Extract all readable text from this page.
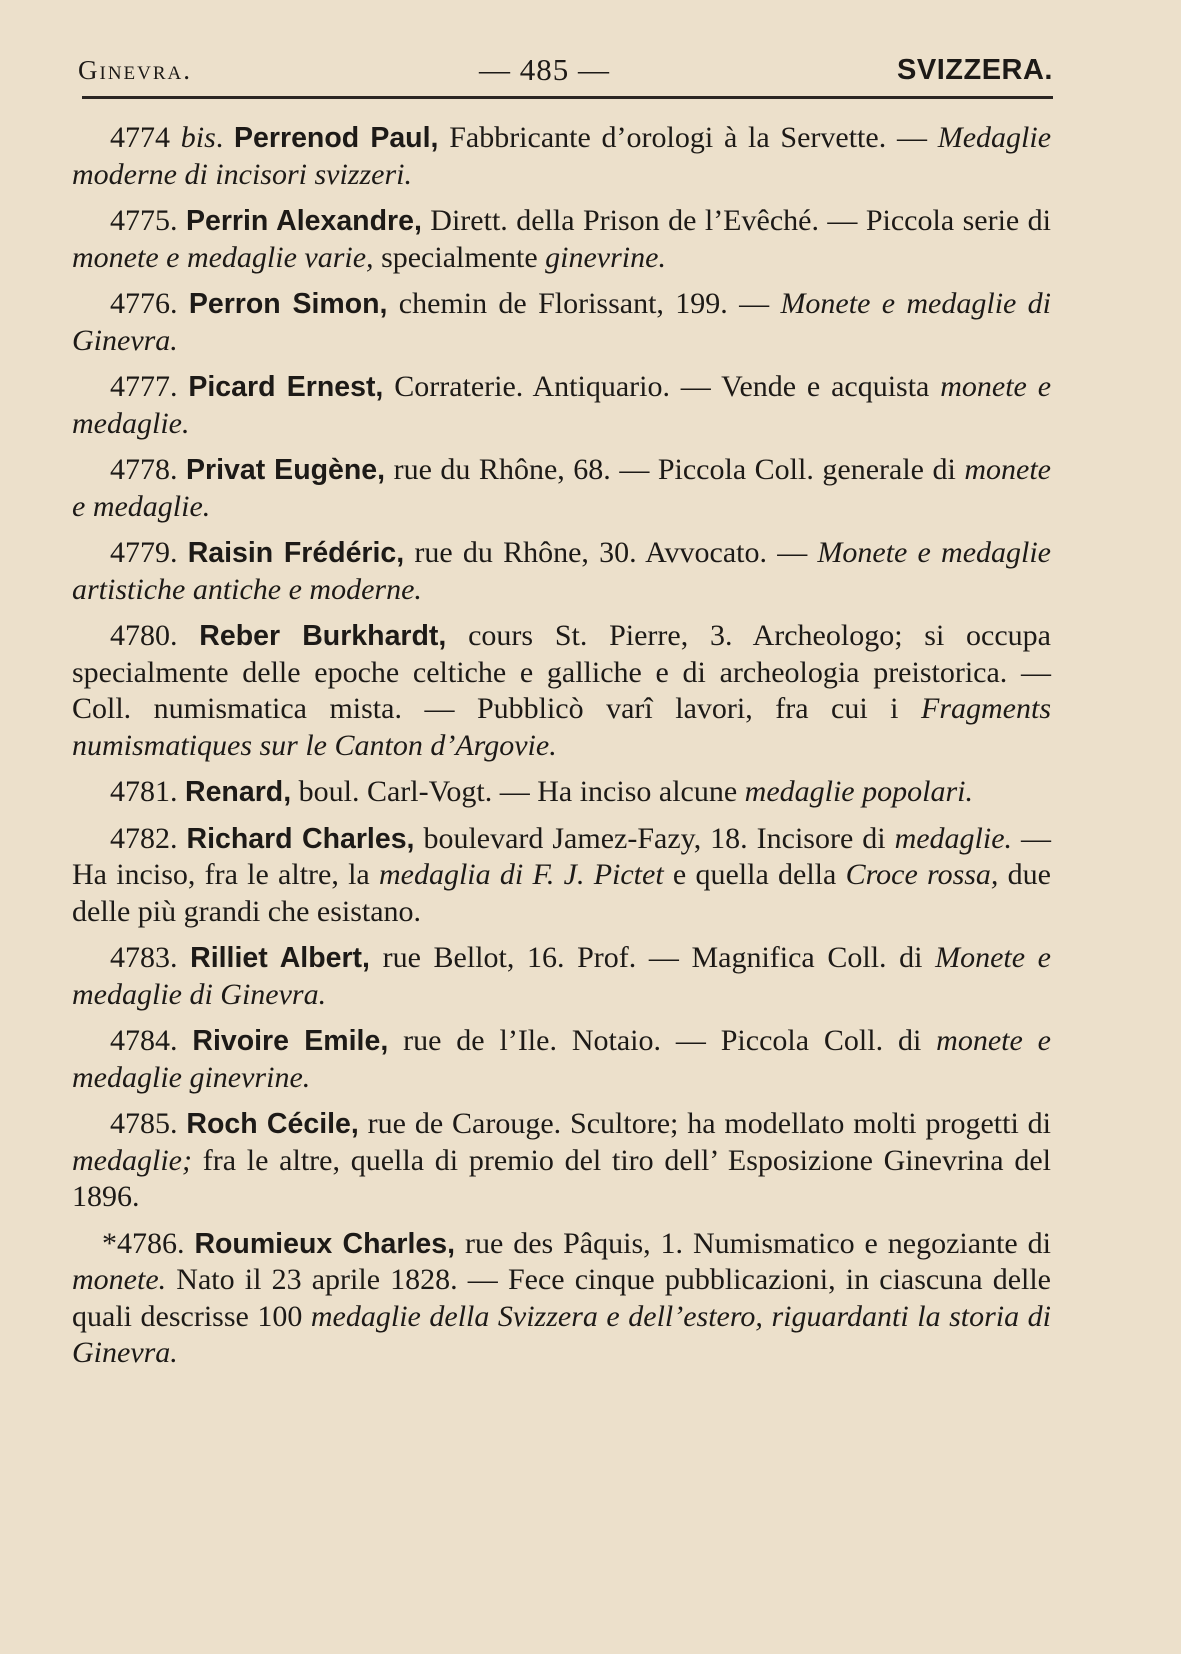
Ginevra.	— 485 —	SVIZZERA.
4774 bis. Perrenod Paul, Fabbricante d’orologi à la Servette. — Medaglie moderne di incisori svizzeri.
4775. Perrin Alexandre, Dirett. della Prison de l’Evêché. — Piccola serie di monete e medaglie varie, specialmente ginevrine.
4776. Perron Simon, chemin de Florissant, 199. — Monete e medaglie di Ginevra.
4777. Picard Ernest, Corraterie. Antiquario. — Vende e acquista monete e medaglie.
4778. Privat Eugène, rue du Rhône, 68. — Piccola Coll. generale di monete e medaglie.
4779. Raisin Frédéric, rue du Rhône, 30. Avvocato. — Monete e medaglie artistiche antiche e moderne.
4780. Reber Burkhardt, cours St. Pierre, 3. Archeologo; si occupa specialmente delle epoche celtiche e galliche e di archeologia preistorica. — Coll. numismatica mista. — Pubblicò varî lavori, fra cui i Fragments numismatiques sur le Canton d’Argovie.
4781. Renard, boul. Carl-Vogt. — Ha inciso alcune medaglie popolari.
4782. Richard Charles, boulevard Jamez-Fazy, 18. Incisore di medaglie. — Ha inciso, fra le altre, la medaglia di F. J. Pictet e quella della Croce rossa, due delle più grandi che esistano.
4783. Rilliet Albert, rue Bellot, 16. Prof. — Magnifica Coll. di Monete e medaglie di Ginevra.
4784. Rivoire Emile, rue de l’Ile. Notaio. — Piccola Coll. di monete e medaglie ginevrine.
4785. Roch Cécile, rue de Carouge. Scultore; ha modellato molti progetti di medaglie; fra le altre, quella di premio del tiro dell’ Esposizione Ginevrina del 1896.
*4786. Roumieux Charles, rue des Pâquis, 1. Numismatico e negoziante di monete. Nato il 23 aprile 1828. — Fece cinque pubblicazioni, in ciascuna delle quali descrisse 100 medaglie della Svizzera e dell’estero, riguardanti la storia di Ginevra.
